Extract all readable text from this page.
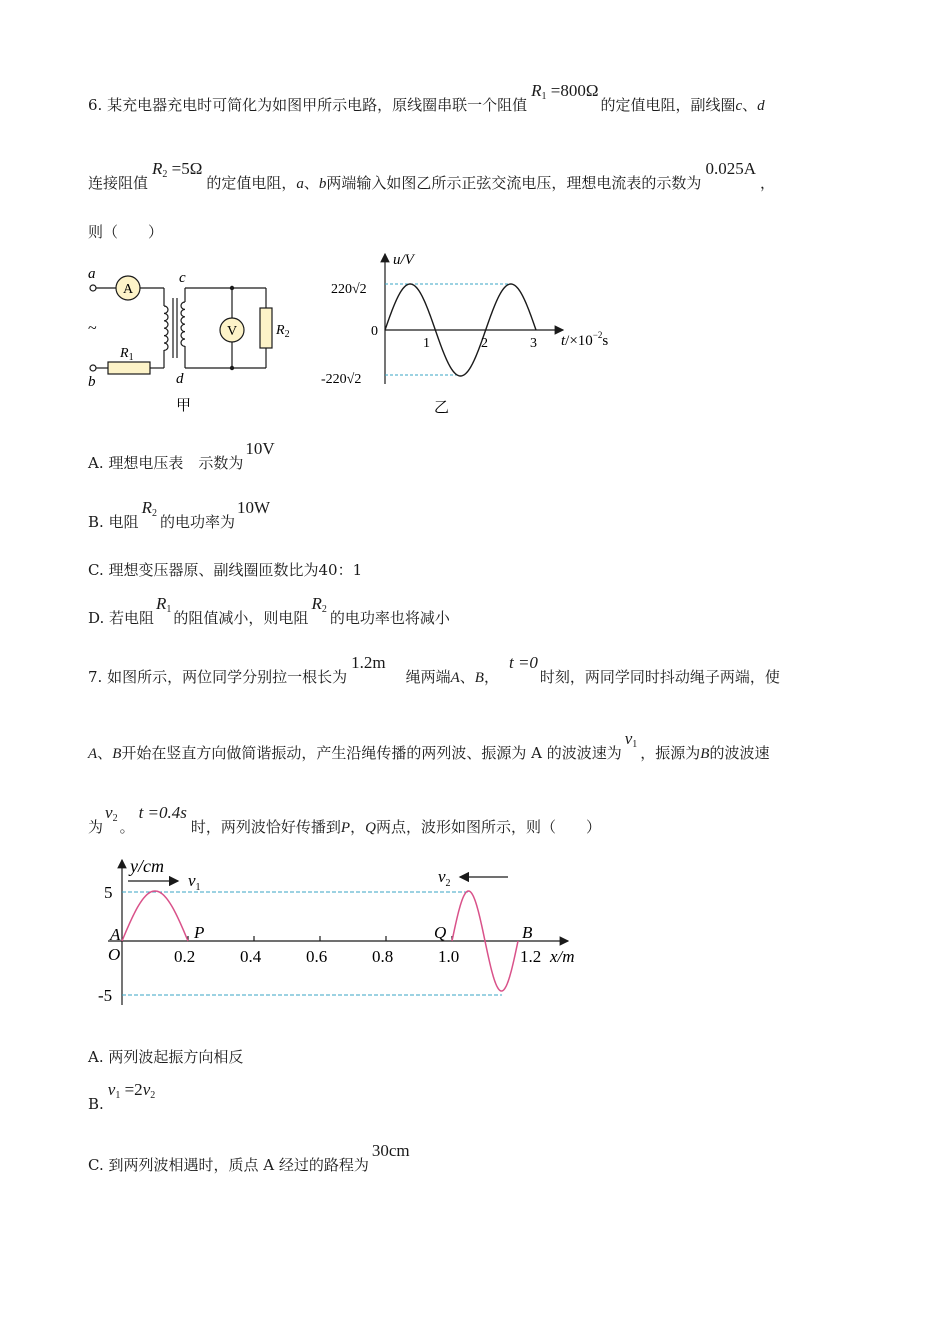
6. 某充电器充电时可简化为如图甲所示电路，原线圈串联一个阻值$R_1 =800\Omega$的定值电阻，副线圈c、d
连接阻值$R_2 =5\Omega$的定值电阻，a、b两端输入如图乙所示正弦交流电压，理想电流表的示数为0.025A，
则（　　）
A
V
a
b
~
c
d
$R_1$
$R_2$
甲
u/V
220√2
-220√2
0
1	2	3 $t/\times 10^{-2}s$
乙
A. 理想电压表　示数为10V
B. 电阻$R_2$ 的电功率为10W
C. 理想变压器原、副线圈匝数比为40：1
D. 若电阻$R_1$ 的阻值减小，则电阻$R_2$ 的电功率也将减小
7. 如图所示，两位同学分别拉一根长为1.2m绳两端A、B，t =0时刻，两同学同时抖动绳子两端，使
A、B开始在竖直方向做简谐振动，产生沿绳传播的两列波、振源为 A 的波波速为$v_1$ ，振源为B的波波速
为$v_2$ 。t =0.4s时，两列波恰好传播到P，Q两点，波形如图所示，则（　　）
$v_1$
$v_2$
y/cm
5
-5
A
O
P	Q	B
0.2	0.4	0.6	0.8	1.0	1.2 x/m
A. 两列波起振方向相反
$B.v_1 =2v_2$
C. 到两列波相遇时，质点 A 经过的路程为30cm
